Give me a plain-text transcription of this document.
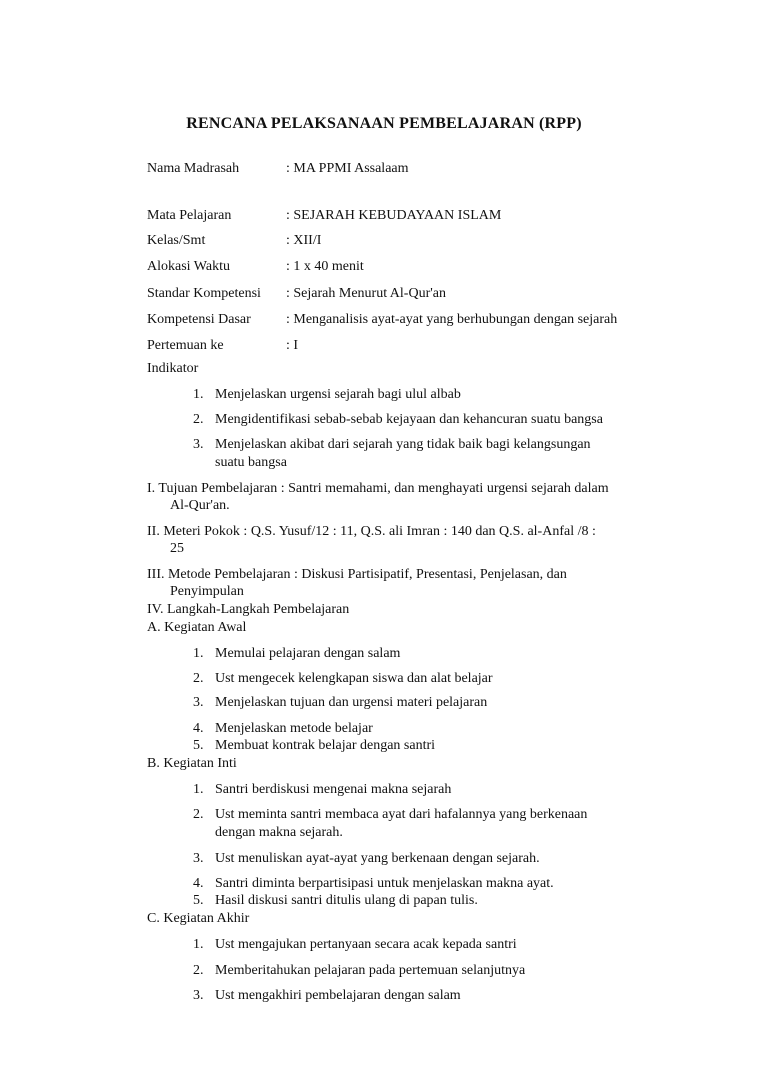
RENCANA PELAKSANAAN PEMBELAJARAN (RPP)
Nama Madrasah	: MA PPMI Assalaam
Mata Pelajaran	: SEJARAH KEBUDAYAAN ISLAM
Kelas/Smt	: XII/I
Alokasi Waktu	: 1 x 40 menit
Standar Kompetensi : Sejarah Menurut Al-Qur'an
Kompetensi Dasar	: Menganalisis ayat-ayat yang berhubungan dengan sejarah
Pertemuan ke	: I
Indikator
1. Menjelaskan urgensi sejarah bagi ulul albab
2. Mengidentifikasi sebab-sebab kejayaan dan kehancuran suatu bangsa
3. Menjelaskan akibat dari sejarah yang tidak baik bagi kelangsungan
suatu bangsa
I. Tujuan Pembelajaran : Santri memahami, dan menghayati urgensi sejarah dalam
Al-Qur'an.
II. Meteri Pokok : Q.S. Yusuf/12 : 11, Q.S. ali Imran : 140 dan Q.S. al-Anfal /8 :
25
III. Metode Pembelajaran : Diskusi Partisipatif, Presentasi, Penjelasan, dan
Penyimpulan
IV. Langkah-Langkah Pembelajaran
A. Kegiatan Awal
1. Memulai pelajaran dengan salam
2. Ust mengecek kelengkapan siswa dan alat belajar
3. Menjelaskan tujuan dan urgensi materi pelajaran
4. Menjelaskan metode belajar
5. Membuat kontrak belajar dengan santri
B. Kegiatan Inti
1. Santri berdiskusi mengenai makna sejarah
2. Ust meminta santri membaca ayat dari hafalannya yang berkenaan
dengan makna sejarah.
3. Ust menuliskan ayat-ayat yang berkenaan dengan sejarah.
4. Santri diminta berpartisipasi untuk menjelaskan makna ayat.
5. Hasil diskusi santri ditulis ulang di papan tulis.
C. Kegiatan Akhir
1. Ust mengajukan pertanyaan secara acak kepada santri
2. Memberitahukan pelajaran pada pertemuan selanjutnya
3. Ust mengakhiri pembelajaran dengan salam
